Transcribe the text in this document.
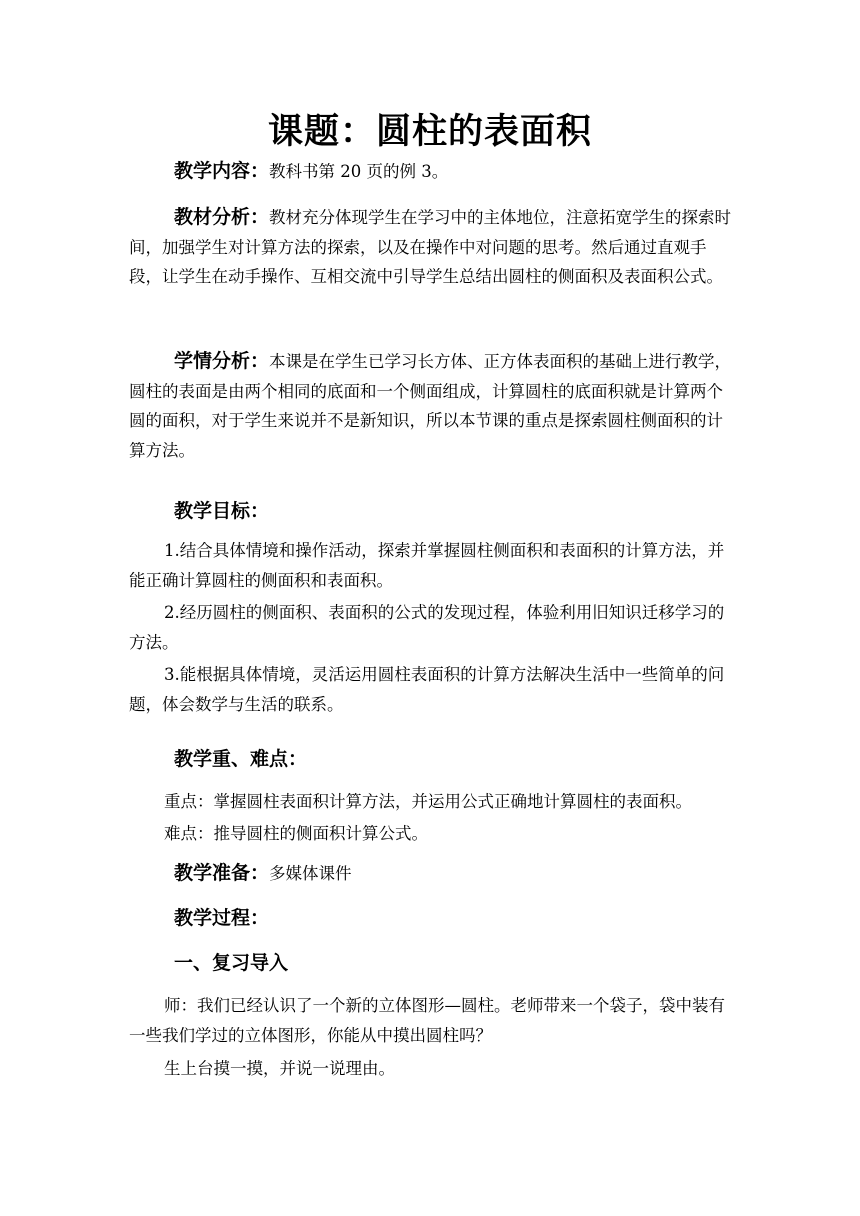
课题：圆柱的表面积
教学内容：教科书第 20 页的例 3。
教材分析：教材充分体现学生在学习中的主体地位，注意拓宽学生的探索时间，加强学生对计算方法的探索，以及在操作中对问题的思考。然后通过直观手段，让学生在动手操作、互相交流中引导学生总结出圆柱的侧面积及表面积公式。
学情分析：本课是在学生已学习长方体、正方体表面积的基础上进行教学，圆柱的表面是由两个相同的底面和一个侧面组成，计算圆柱的底面积就是计算两个圆的面积，对于学生来说并不是新知识，所以本节课的重点是探索圆柱侧面积的计算方法。
教学目标：
1.结合具体情境和操作活动，探索并掌握圆柱侧面积和表面积的计算方法，并能正确计算圆柱的侧面积和表面积。
2.经历圆柱的侧面积、表面积的公式的发现过程，体验利用旧知识迁移学习的方法。
3.能根据具体情境，灵活运用圆柱表面积的计算方法解决生活中一些简单的问题，体会数学与生活的联系。
教学重、难点：
重点：掌握圆柱表面积计算方法，并运用公式正确地计算圆柱的表面积。
难点：推导圆柱的侧面积计算公式。
教学准备：多媒体课件
教学过程：
一、复习导入
师：我们已经认识了一个新的立体图形—圆柱。老师带来一个袋子，袋中装有一些我们学过的立体图形，你能从中摸出圆柱吗？
生上台摸一摸，并说一说理由。
